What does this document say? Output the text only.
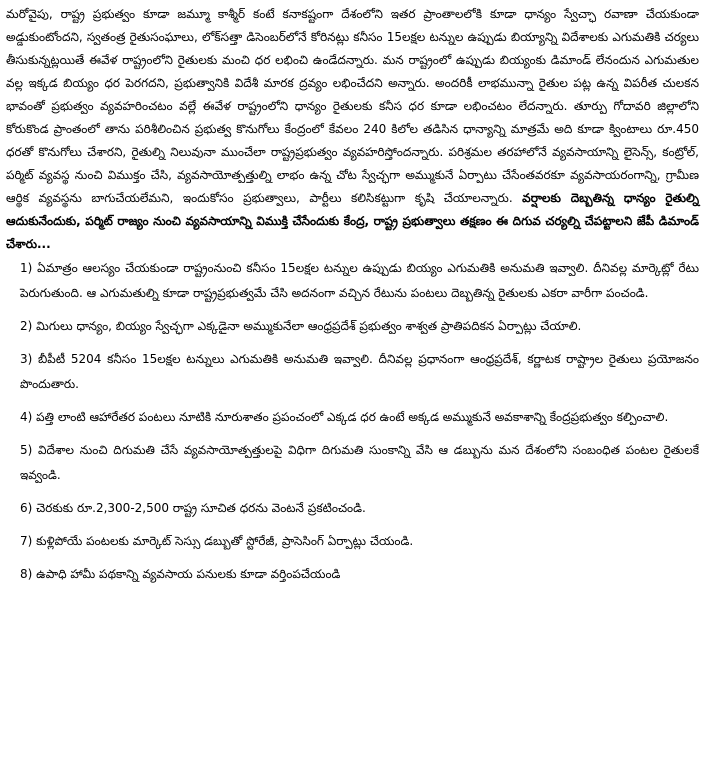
మరోవైపు, రాష్ట్ర ప్రభుత్వం కూడా జమ్మూ కాశ్మీర్ కంటే కనాకష్టంగా దేశంలోని ఇతర ప్రాంతాలలోకి కూడా ధాన్యం స్వేచ్ఛా రవాణా చేయకుండా అడ్డుకుంటోందని, స్వతంత్ర రైతుసంఘాలు, లోక్‌సత్తా డిసెంబర్‌లోనే కోరినట్లు కనీసం 15లక్షల టన్నుల ఉప్పుడు బియ్యాన్ని విదేశాలకు ఎగుమతికి చర్యలు తీసుకున్నట్లయితే ఈవేళ రాష్ట్రంలోని రైతులకు మంచి ధర లభించి ఉండేదన్నారు. మన రాష్ట్రంలో ఉప్పుడు బియ్యంకు డిమాండ్ లేనందున ఎగుమతుల వల్ల ఇక్కడ బియ్యం ధర పెరగదని, ప్రభుత్వానికి విదేశీ మారక ద్రవ్యం లభించేదని అన్నారు. అందరికీ లాభమున్నా రైతుల పట్ల ఉన్న విపరీత చులకన భావంతో ప్రభుత్వం వ్యవహరించటం వల్లే ఈవేళ రాష్ట్రంలోని ధాన్యం రైతులకు కనీస ధర కూడా లభించటం లేదన్నారు. తూర్పు గోదావరి జిల్లాలోని కోరుకొండ ప్రాంతంలో తాను పరిశీలించిన ప్రభుత్వ కొనుగోలు కేంద్రంలో కేవలం 240 కిలోల తడిసిన ధాన్యాన్ని మాత్రమే అది కూడా క్వింటాలు రూ.450 ధరతో కొనుగోలు చేశారని, రైతుల్ని నిలువునా ముంచేలా రాష్ట్రప్రభుత్వం వ్యవహరిస్తోందన్నారు. పరిశ్రమల తరహాలోనే వ్యవసాయాన్ని లైసెన్స్, కంట్రోల్, పర్మిట్ వ్యవస్థ నుంచి విముక్తం చేసి, వ్యవసాయోత్పత్తుల్ని లాభం ఉన్న చోట స్వేచ్ఛగా అమ్ముకునే ఏర్పాటు చేసేంతవరకూ వ్యవసాయరంగాన్ని, గ్రామీణ ఆర్థిక వ్యవస్థను బాగుచేయలేమని, ఇందుకోసం ప్రభుత్వాలు, పార్టీలు కలిసికట్టుగా కృషి చేయాలన్నారు. వర్షాలకు దెబ్బతిన్న ధాన్యం రైతుల్ని ఆదుకునేందుకు, పర్మిట్ రాజ్యం నుంచి వ్యవసాయాన్ని విముక్తి చేసేందుకు కేంద్ర, రాష్ట్ర ప్రభుత్వాలు తక్షణం ఈ దిగువ చర్యల్ని చేపట్టాలని జేపీ డిమాండ్ చేశారు...

1) ఏమాత్రం ఆలస్యం చేయకుండా రాష్ట్రంనుంచి కనీసం 15లక్షల టన్నుల ఉప్పుడు బియ్యం ఎగుమతికి అనుమతి ఇవ్వాలి. దీనివల్ల మార్కెట్లో రేటు పెరుగుతుంది. ఆ ఎగుమతుల్ని కూడా రాష్ట్రప్రభుత్వమే చేసి అదనంగా వచ్చిన రేటును పంటలు దెబ్బతిన్న రైతులకు ఎకరా వారీగా పంచండి.
2) మిగులు ధాన్యం, బియ్యం స్వేచ్ఛగా ఎక్కడైనా అమ్ముకునేలా ఆంధ్రప్రదేశ్ ప్రభుత్వం శాశ్వత ప్రాతిపదికన ఏర్పాట్లు చేయాలి.
3) బీపీటీ 5204 కనీసం 15లక్షల టన్నులు ఎగుమతికి అనుమతి ఇవ్వాలి. దీనివల్ల ప్రధానంగా ఆంధ్రప్రదేశ్, కర్ణాటక రాష్ట్రాల రైతులు ప్రయోజనం పొందుతారు.
4) పత్తి లాంటి ఆహారేతర పంటలు నూటికి నూరుశాతం ప్రపంచంలో ఎక్కడ ధర ఉంటే అక్కడ అమ్ముకునే అవకాశాన్ని కేంద్రప్రభుత్వం కల్పించాలి.
5) విదేశాల నుంచి దిగుమతి చేసే వ్యవసాయోత్పత్తులపై విధిగా దిగుమతి సుంకాన్ని వేసి ఆ డబ్బును మన దేశంలోని సంబంధిత పంటల రైతులకే ఇవ్వండి.
6) చెరకుకు రూ.2,300-2,500 రాష్ట్ర సూచిత ధరను వెంటనే ప్రకటించండి.
7) కుళ్లిపోయే పంటలకు మార్కెట్ సెస్సు డబ్బుతో స్టోరేజీ, ప్రాసెసింగ్ ఏర్పాట్లు చేయండి.
8) ఉపాధి హామీ పథకాన్ని వ్యవసాయ పనులకు కూడా వర్తింపచేయండి
